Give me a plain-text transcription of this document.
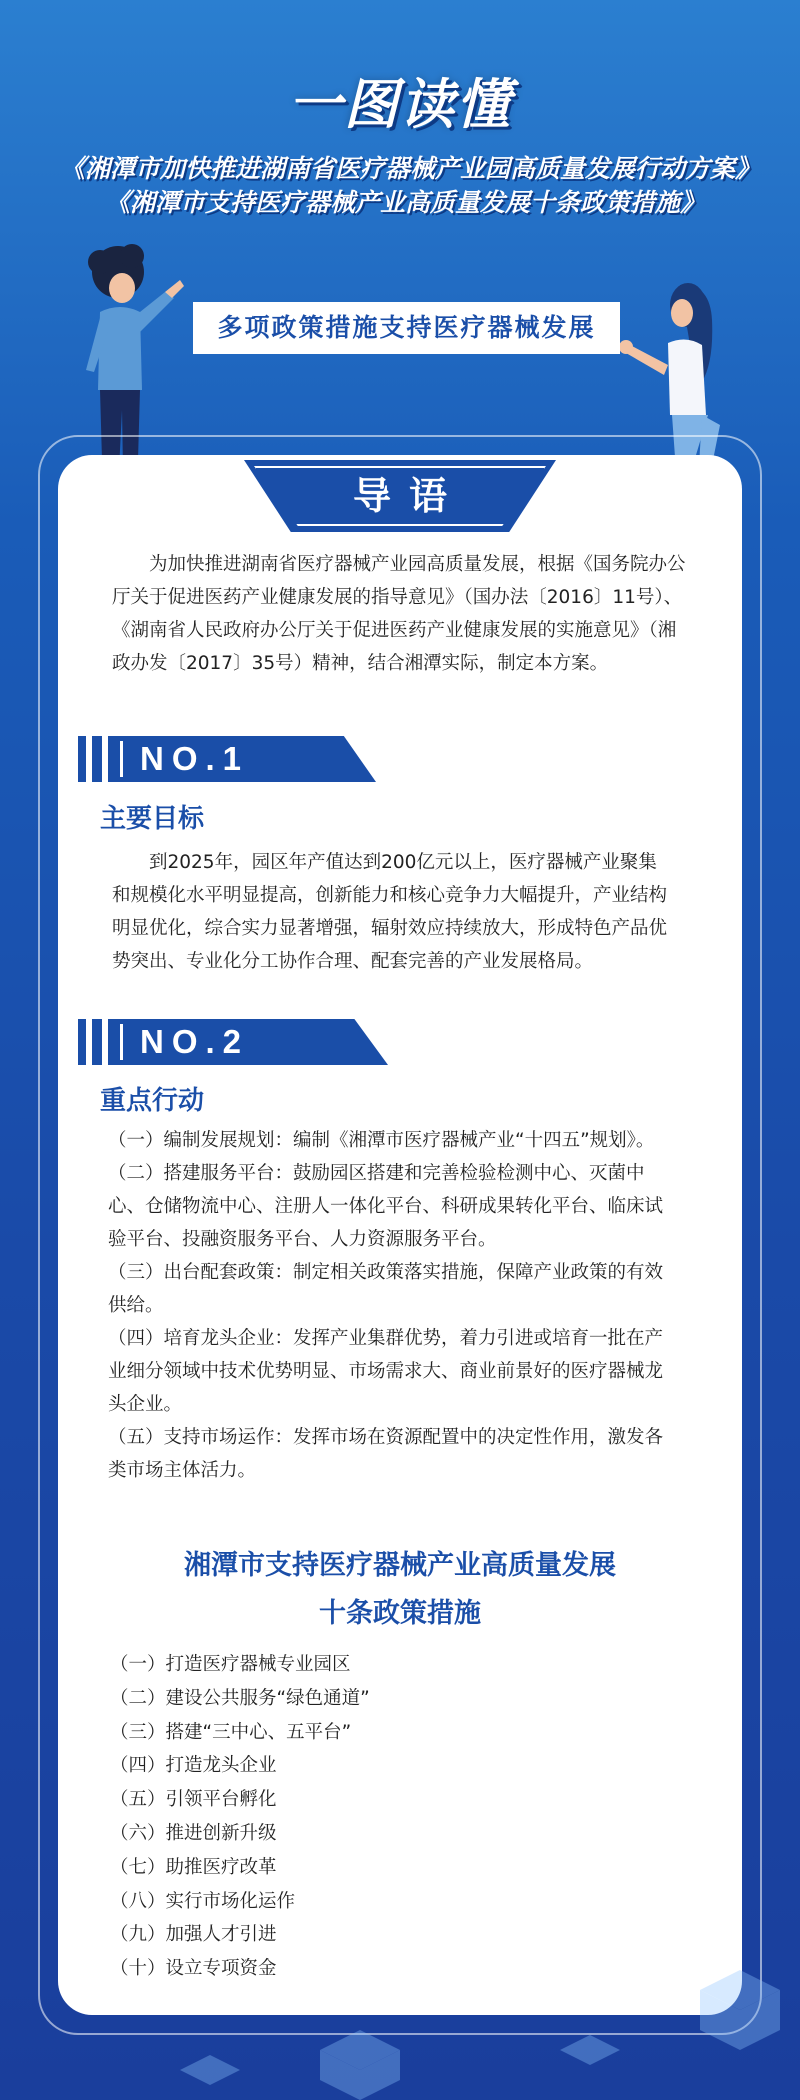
一图读懂
《湘潭市加快推进湖南省医疗器械产业园高质量发展行动方案》
《湘潭市支持医疗器械产业高质量发展十条政策措施》
多项政策措施支持医疗器械发展
导语
为加快推进湖南省医疗器械产业园高质量发展，根据《国务院办公厅关于促进医药产业健康发展的指导意见》（国办法〔2016〕11号）、《湖南省人民政府办公厅关于促进医药产业健康发展的实施意见》（湘政办发〔2017〕35号）精神，结合湘潭实际，制定本方案。
NO.1
主要目标
到2025年，园区年产值达到200亿元以上，医疗器械产业聚集和规模化水平明显提高，创新能力和核心竞争力大幅提升，产业结构明显优化，综合实力显著增强，辐射效应持续放大，形成特色产品优势突出、专业化分工协作合理、配套完善的产业发展格局。
NO.2
重点行动
（一）编制发展规划：编制《湘潭市医疗器械产业“十四五”规划》。
（二）搭建服务平台：鼓励园区搭建和完善检验检测中心、灭菌中心、仓储物流中心、注册人一体化平台、科研成果转化平台、临床试验平台、投融资服务平台、人力资源服务平台。
（三）出台配套政策：制定相关政策落实措施，保障产业政策的有效供给。
（四）培育龙头企业：发挥产业集群优势，着力引进或培育一批在产业细分领域中技术优势明显、市场需求大、商业前景好的医疗器械龙头企业。
（五）支持市场运作：发挥市场在资源配置中的决定性作用，激发各类市场主体活力。
湘潭市支持医疗器械产业高质量发展
十条政策措施
（一）打造医疗器械专业园区
（二）建设公共服务“绿色通道”
（三）搭建“三中心、五平台”
（四）打造龙头企业
（五）引领平台孵化
（六）推进创新升级
（七）助推医疗改革
（八）实行市场化运作
（九）加强人才引进
（十）设立专项资金
